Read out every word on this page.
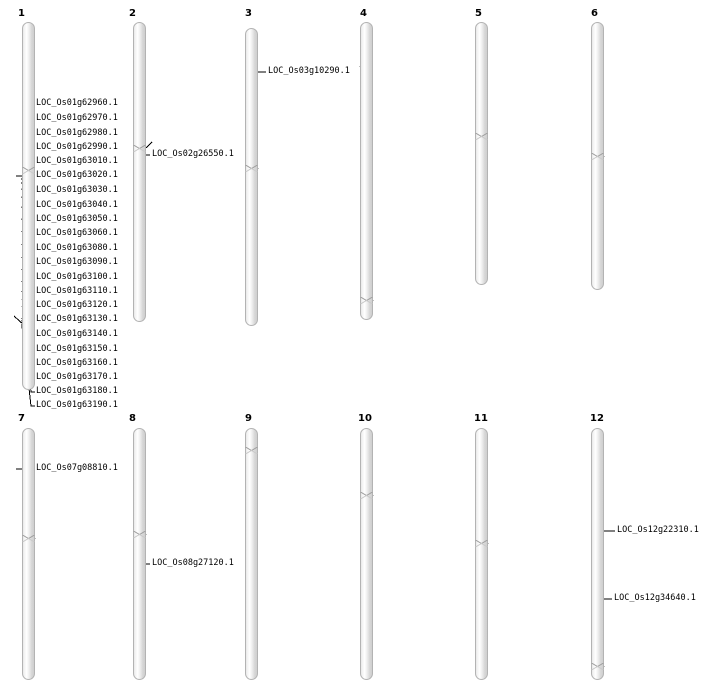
1
LOC_Os01g62960.1
LOC_Os01g62970.1
LOC_Os01g62980.1
LOC_Os01g62990.1
LOC_Os01g63010.1
LOC_Os01g63020.1
LOC_Os01g63030.1
LOC_Os01g63040.1
LOC_Os01g63050.1
LOC_Os01g63060.1
LOC_Os01g63080.1
LOC_Os01g63090.1
LOC_Os01g63100.1
LOC_Os01g63110.1
LOC_Os01g63120.1
LOC_Os01g63130.1
LOC_Os01g63140.1
LOC_Os01g63150.1
LOC_Os01g63160.1
LOC_Os01g63170.1
LOC_Os01g63180.1
LOC_Os01g63190.1
2
LOC_Os02g26550.1
3
LOC_Os03g10290.1
4	5	6
7
LOC_Os07g08810.1
8
LOC_Os08g27120.1
9	10	11	12
LOC_Os12g22310.1
LOC_Os12g34640.1
